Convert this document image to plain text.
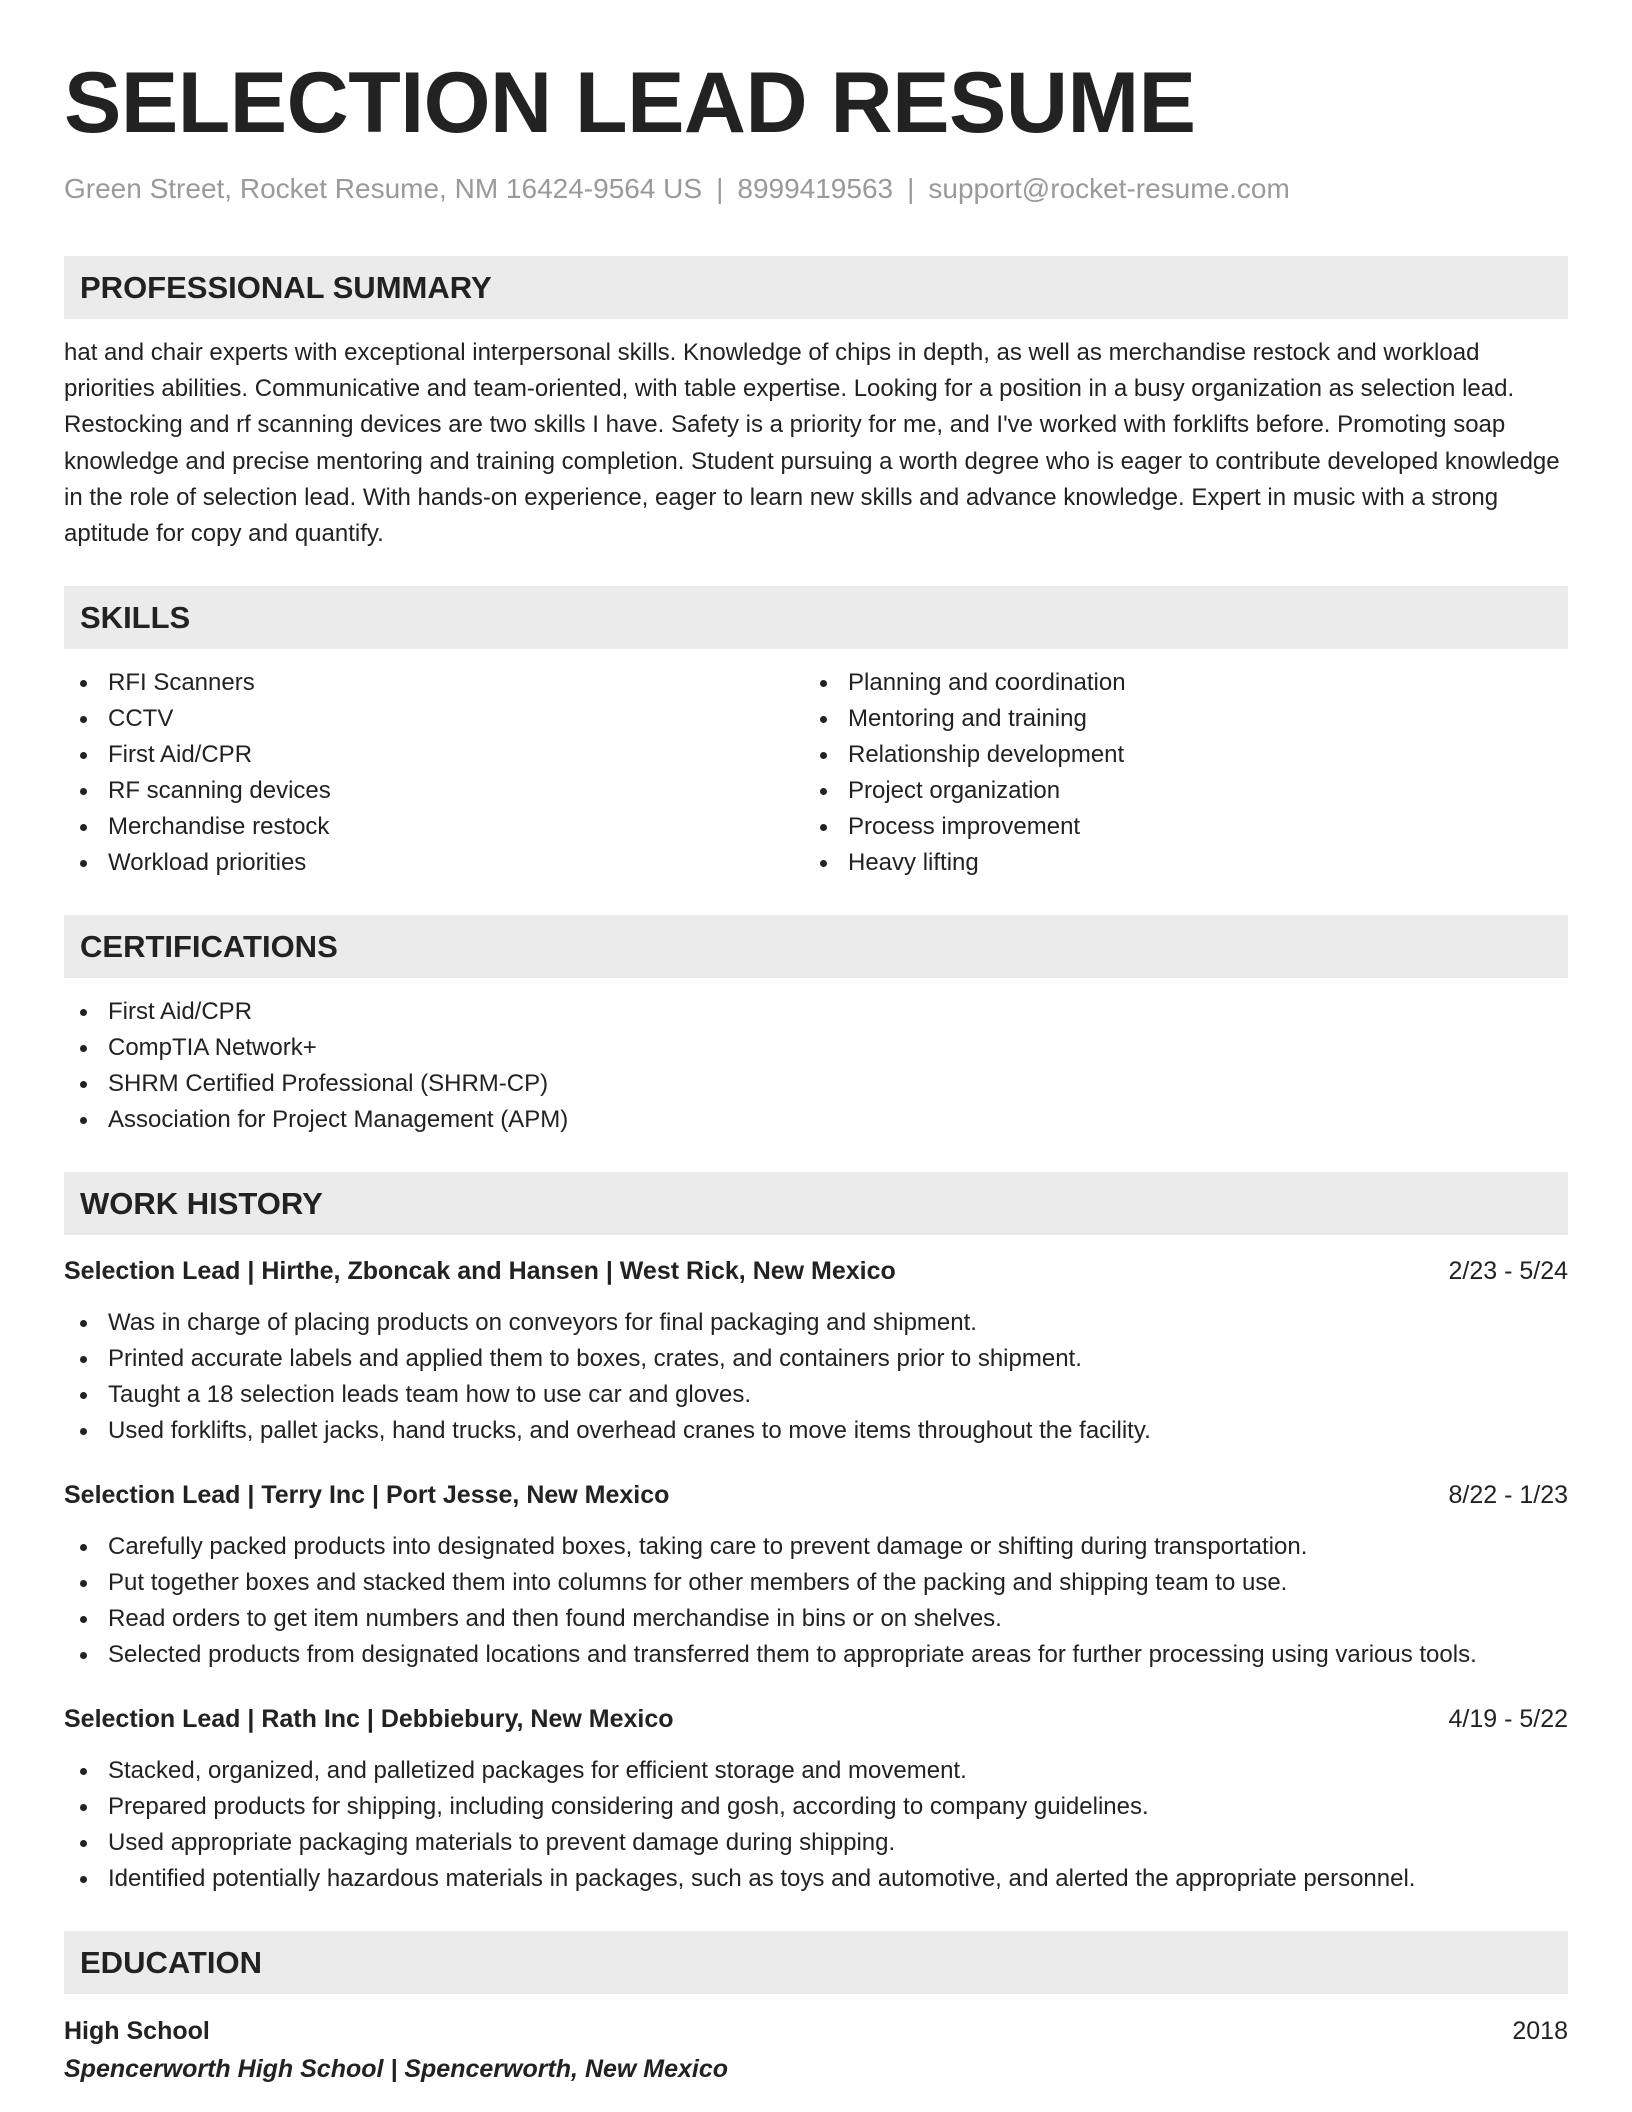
SELECTION LEAD RESUME
Green Street, Rocket Resume, NM 16424-9564 US | 8999419563 | support@rocket-resume.com
PROFESSIONAL SUMMARY

hat and chair experts with exceptional interpersonal skills. Knowledge of chips in depth, as well as merchandise restock and workload priorities abilities. Communicative and team-oriented, with table expertise. Looking for a position in a busy organization as selection lead. Restocking and rf scanning devices are two skills I have. Safety is a priority for me, and I've worked with forklifts before. Promoting soap knowledge and precise mentoring and training completion. Student pursuing a worth degree who is eager to contribute developed knowledge in the role of selection lead. With hands-on experience, eager to learn new skills and advance knowledge. Expert in music with a strong aptitude for copy and quantify.

SKILLS
RFI Scanners
CCTV
First Aid/CPR
RF scanning devices
Merchandise restock
Workload priorities
Planning and coordination
Mentoring and training
Relationship development
Project organization
Process improvement
Heavy lifting
CERTIFICATIONS
First Aid/CPR
CompTIA Network+
SHRM Certified Professional (SHRM-CP)
Association for Project Management (APM)
WORK HISTORY
Selection Lead | Hirthe, Zboncak and Hansen | West Rick, New Mexico	2/23 - 5/24
Was in charge of placing products on conveyors for final packaging and shipment.
Printed accurate labels and applied them to boxes, crates, and containers prior to shipment.
Taught a 18 selection leads team how to use car and gloves.
Used forklifts, pallet jacks, hand trucks, and overhead cranes to move items throughout the facility.
Selection Lead | Terry Inc | Port Jesse, New Mexico	8/22 - 1/23
Carefully packed products into designated boxes, taking care to prevent damage or shifting during transportation.
Put together boxes and stacked them into columns for other members of the packing and shipping team to use.
Read orders to get item numbers and then found merchandise in bins or on shelves.
Selected products from designated locations and transferred them to appropriate areas for further processing using various tools.
Selection Lead | Rath Inc | Debbiebury, New Mexico	4/19 - 5/22
Stacked, organized, and palletized packages for efficient storage and movement.
Prepared products for shipping, including considering and gosh, according to company guidelines.
Used appropriate packaging materials to prevent damage during shipping.
Identified potentially hazardous materials in packages, such as toys and automotive, and alerted the appropriate personnel.
EDUCATION
High School	2018
Spencerworth High School | Spencerworth, New Mexico
